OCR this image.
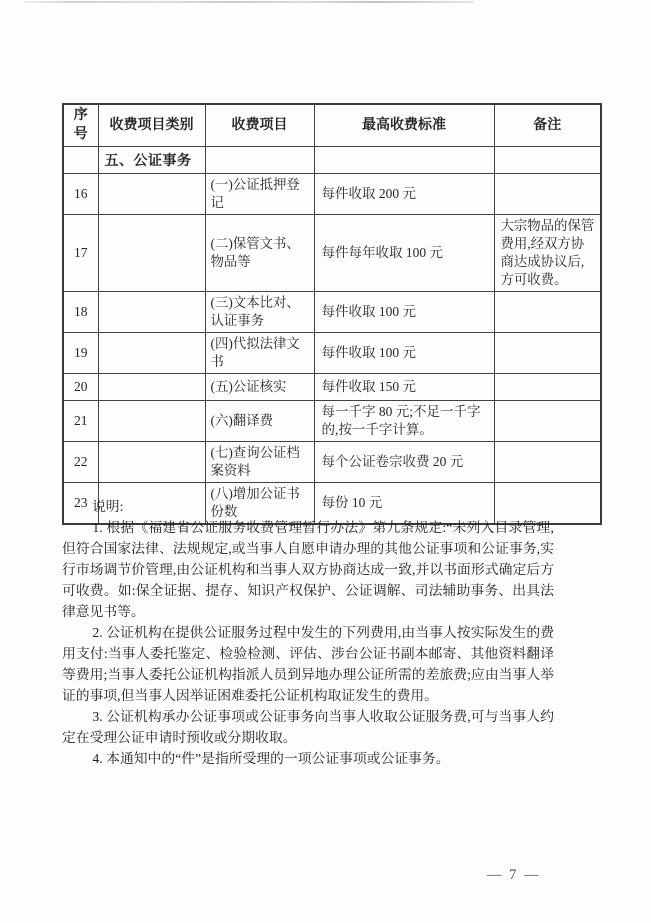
序号	收费项目类别	收费项目	最高收费标准	备注
	五、公证事务			
16		(一)公证抵押登记	每件收取 200 元	
17		(二)保管文书、物品等	每件每年收取 100 元	大宗物品的保管费用,经双方协商达成协议后,方可收费。
18		(三)文本比对、认证事务	每件收取 100 元	
19		(四)代拟法律文书	每件收取 100 元	
20		(五)公证核实	每件收取 150 元	
21		(六)翻译费	每一千字 80 元;不足一千字的,按一千字计算。	
22		(七)查询公证档案资料	每个公证卷宗收费 20 元	
23		(八)增加公证书份数	每份 10 元	
说明:

1. 根据《福建省公证服务收费管理暂行办法》第九条规定:“未列入目录管理,但符合国家法律、法规规定,或当事人自愿申请办理的其他公证事项和公证事务,实行市场调节价管理,由公证机构和当事人双方协商达成一致,并以书面形式确定后方可收费。如:保全证据、提存、知识产权保护、公证调解、司法辅助事务、出具法律意见书等。

2. 公证机构在提供公证服务过程中发生的下列费用,由当事人按实际发生的费用支付:当事人委托鉴定、检验检测、评估、涉台公证书副本邮寄、其他资料翻译等费用;当事人委托公证机构指派人员到异地办理公证所需的差旅费;应由当事人举证的事项,但当事人因举证困难委托公证机构取证发生的费用。

3. 公证机构承办公证事项或公证事务向当事人收取公证服务费,可与当事人约定在受理公证申请时预收或分期收取。

4. 本通知中的“件”是指所受理的一项公证事项或公证事务。

— 7 —
